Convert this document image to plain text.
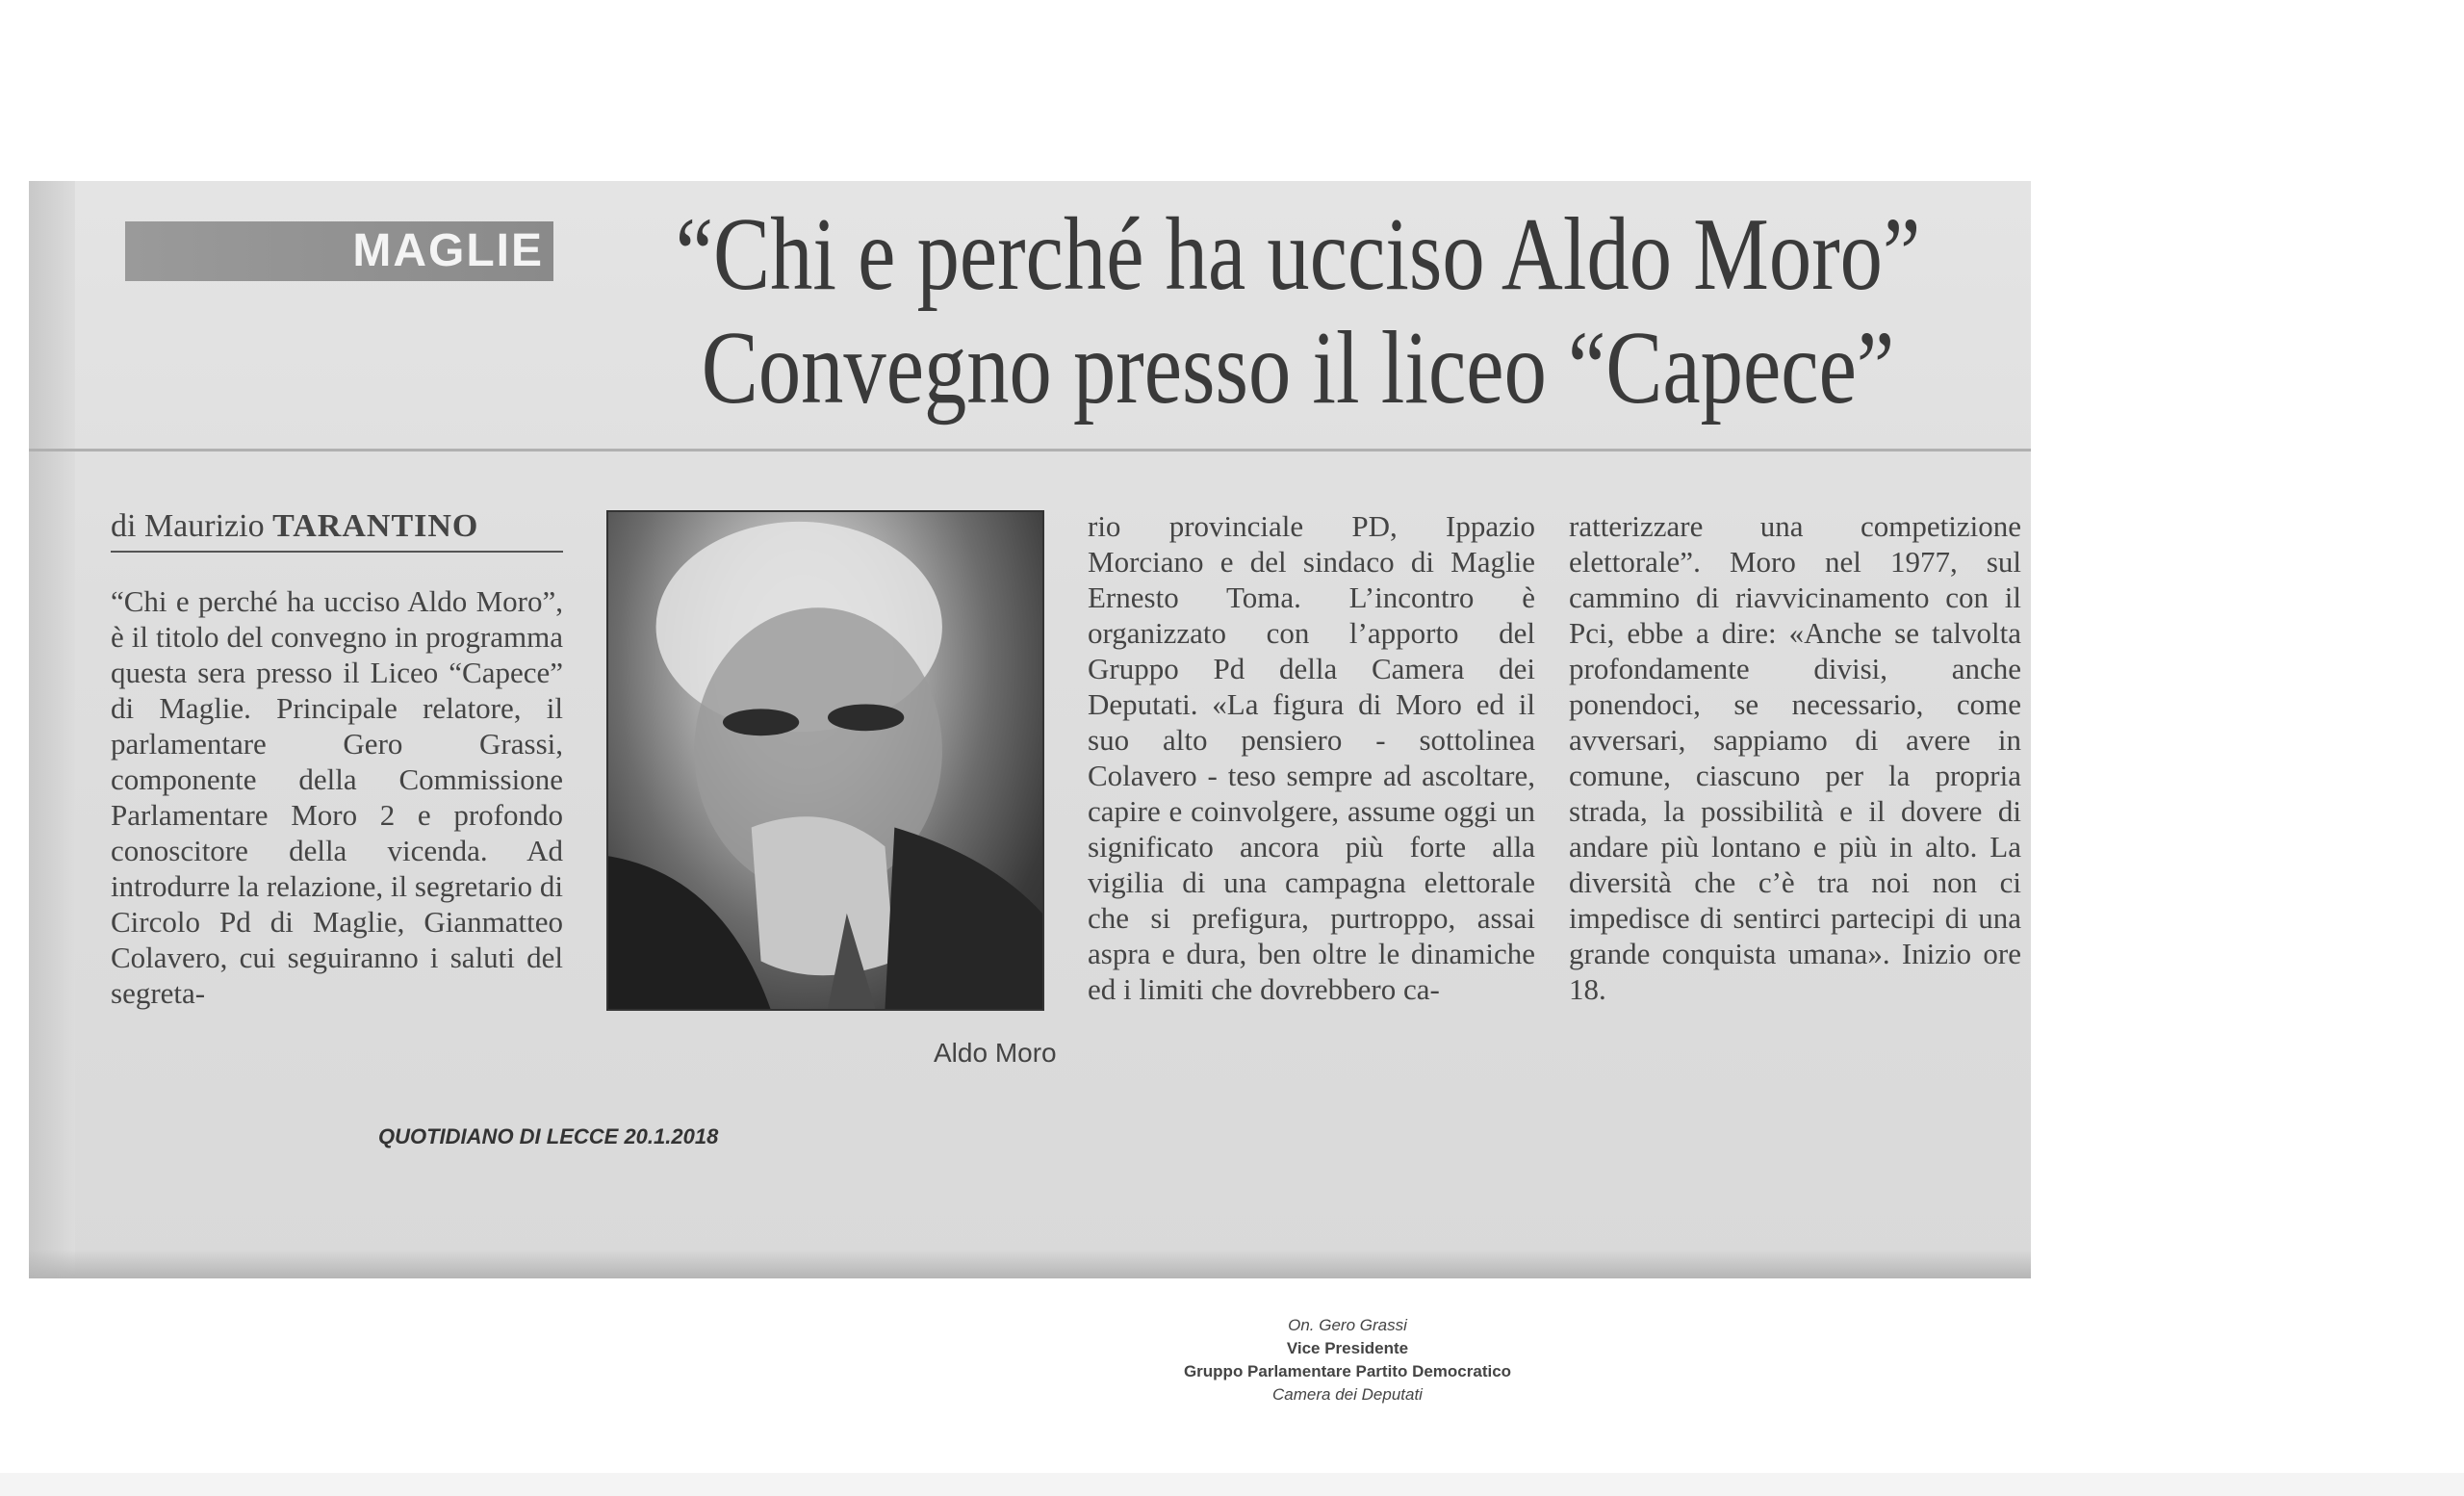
MAGLIE	“Chi e perché ha ucciso Aldo Moro”
Convegno presso il liceo “Capece”
di Maurizio TARANTINO
“Chi e perché ha ucciso Aldo Moro”, è il titolo del convegno in programma questa sera presso il Liceo “Capece” di Maglie. Principale relatore, il parlamentare Gero Grassi, componente della Commissione Parlamentare Moro 2 e profondo conoscitore della vicenda. Ad introdurre la relazione, il segretario di Circolo Pd di Maglie, Gianmatteo Colavero, cui seguiranno i saluti del segreta-
Aldo Moro
rio provinciale PD, Ippazio Morciano e del sindaco di Maglie Ernesto Toma. L’incontro è organizzato con l’apporto del Gruppo Pd della Camera dei Deputati. «La figura di Moro ed il suo alto pensiero - sottolinea Colavero - teso sempre ad ascoltare, capire e coinvolgere, assume oggi un significato ancora più forte alla vigilia di una campagna elettorale che si prefigura, purtroppo, assai aspra e dura, ben oltre le dinamiche ed i limiti che dovrebbero ca-
ratterizzare una competizione elettorale”. Moro nel 1977, sul cammino di riavvicinamento con il Pci, ebbe a dire: «Anche se talvolta profondamente divisi, anche ponendoci, se necessario, come avversari, sappiamo di avere in comune, ciascuno per la propria strada, la possibilità e il dovere di andare più lontano e più in alto. La diversità che c’è tra noi non ci impedisce di sentirci partecipi di una grande conquista umana». Inizio ore 18.
QUOTIDIANO DI LECCE 20.1.2018
On. Gero Grassi
Vice Presidente
Gruppo Parlamentare Partito Democratico
Camera dei Deputati
